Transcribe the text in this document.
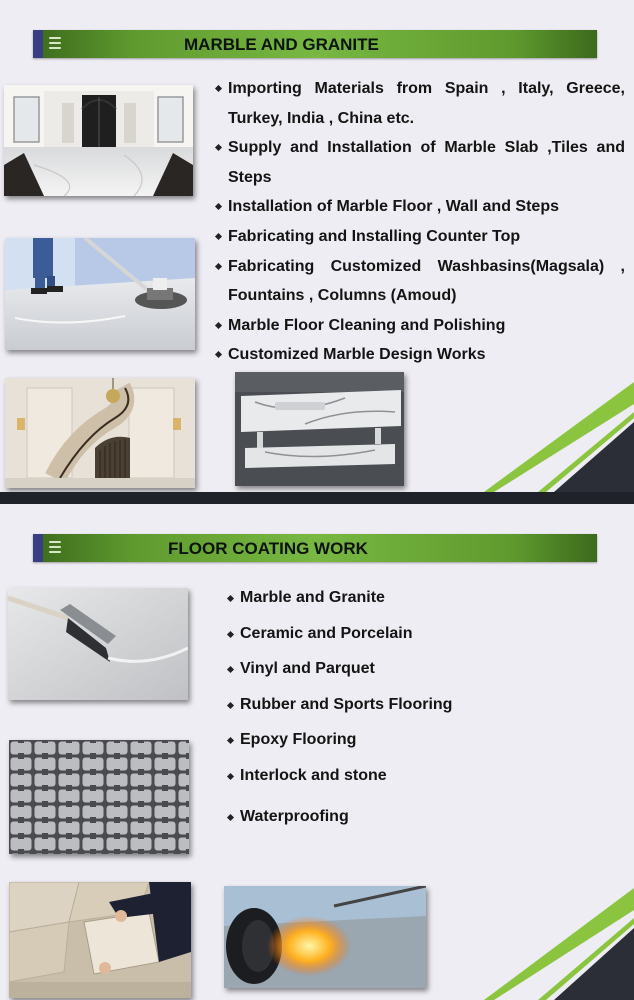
MARBLE AND GRANITE
Importing Materials from Spain , Italy, Greece, Turkey, India , China etc.
Supply and Installation of Marble Slab ,Tiles and Steps
Installation of Marble Floor , Wall and Steps
Fabricating and Installing Counter Top
Fabricating Customized Washbasins(Magsala) , Fountains , Columns (Amoud)
Marble Floor Cleaning and Polishing
Customized Marble Design Works
FLOOR COATING WORK
Marble and Granite
Ceramic and Porcelain
Vinyl and Parquet
Rubber and Sports Flooring
Epoxy Flooring
Interlock and stone
Waterproofing
